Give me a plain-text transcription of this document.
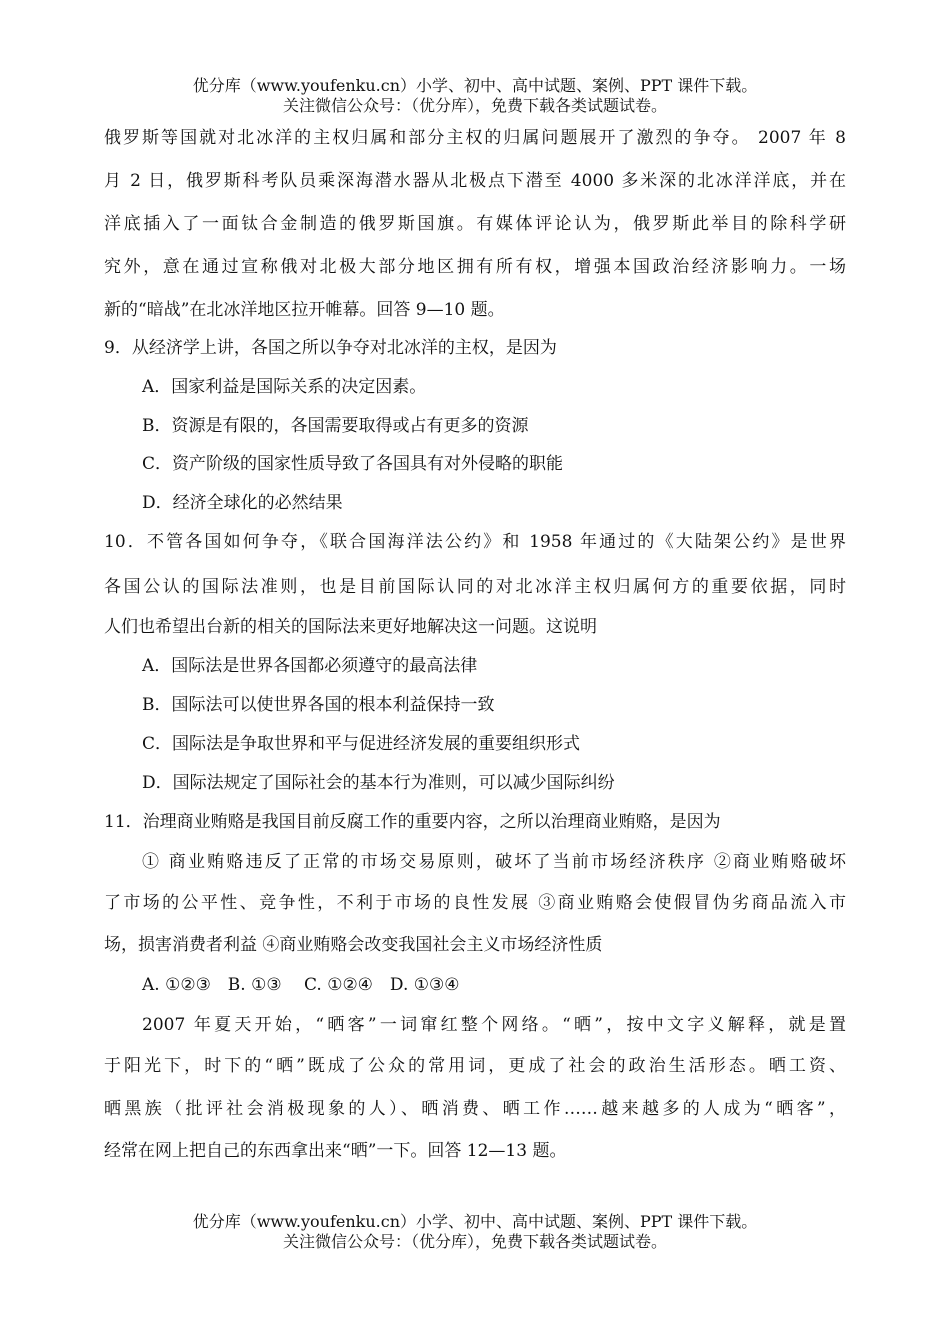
优分库（www.youfenku.cn）小学、初中、高中试题、案例、PPT 课件下载。
关注微信公众号：（优分库），免费下载各类试题试卷。
俄罗斯等国就对北冰洋的主权归属和部分主权的归属问题展开了激烈的争夺。 2007 年 8
月 2 日，俄罗斯科考队员乘深海潜水器从北极点下潜至 4000 多米深的北冰洋洋底，并在
洋底插入了一面钛合金制造的俄罗斯国旗。有媒体评论认为，俄罗斯此举目的除科学研
究外，意在通过宣称俄对北极大部分地区拥有所有权，增强本国政治经济影响力。一场
新的“暗战”在北冰洋地区拉开帷幕。回答 9—10 题。
9．从经济学上讲，各国之所以争夺对北冰洋的主权，是因为
A．国家利益是国际关系的决定因素。
B．资源是有限的，各国需要取得或占有更多的资源
C．资产阶级的国家性质导致了各国具有对外侵略的职能
D．经济全球化的必然结果
10．不管各国如何争夺，《联合国海洋法公约》和 1958 年通过的《大陆架公约》是世界
各国公认的国际法准则，也是目前国际认同的对北冰洋主权归属何方的重要依据，同时
人们也希望出台新的相关的国际法来更好地解决这一问题。这说明
A．国际法是世界各国都必须遵守的最高法律
B．国际法可以使世界各国的根本利益保持一致
C．国际法是争取世界和平与促进经济发展的重要组织形式
D．国际法规定了国际社会的基本行为准则，可以减少国际纠纷
11．治理商业贿赂是我国目前反腐工作的重要内容，之所以治理商业贿赂，是因为
① 商业贿赂违反了正常的市场交易原则，破坏了当前市场经济秩序 ②商业贿赂破坏
了市场的公平性、竞争性，不利于市场的良性发展 ③商业贿赂会使假冒伪劣商品流入市
场，损害消费者利益 ④商业贿赂会改变我国社会主义市场经济性质
A. ①②③　B. ①③　 C. ①②④　D. ①③④
2007 年夏天开始，“晒客”一词窜红整个网络。“晒”，按中文字义解释，就是置
于阳光下，时下的“晒”既成了公众的常用词，更成了社会的政治生活形态。晒工资、
晒黑族（批评社会消极现象的人）、晒消费、晒工作……越来越多的人成为“晒客”，
经常在网上把自己的东西拿出来“晒”一下。回答 12—13 题。
优分库（www.youfenku.cn）小学、初中、高中试题、案例、PPT 课件下载。
关注微信公众号：（优分库），免费下载各类试题试卷。
